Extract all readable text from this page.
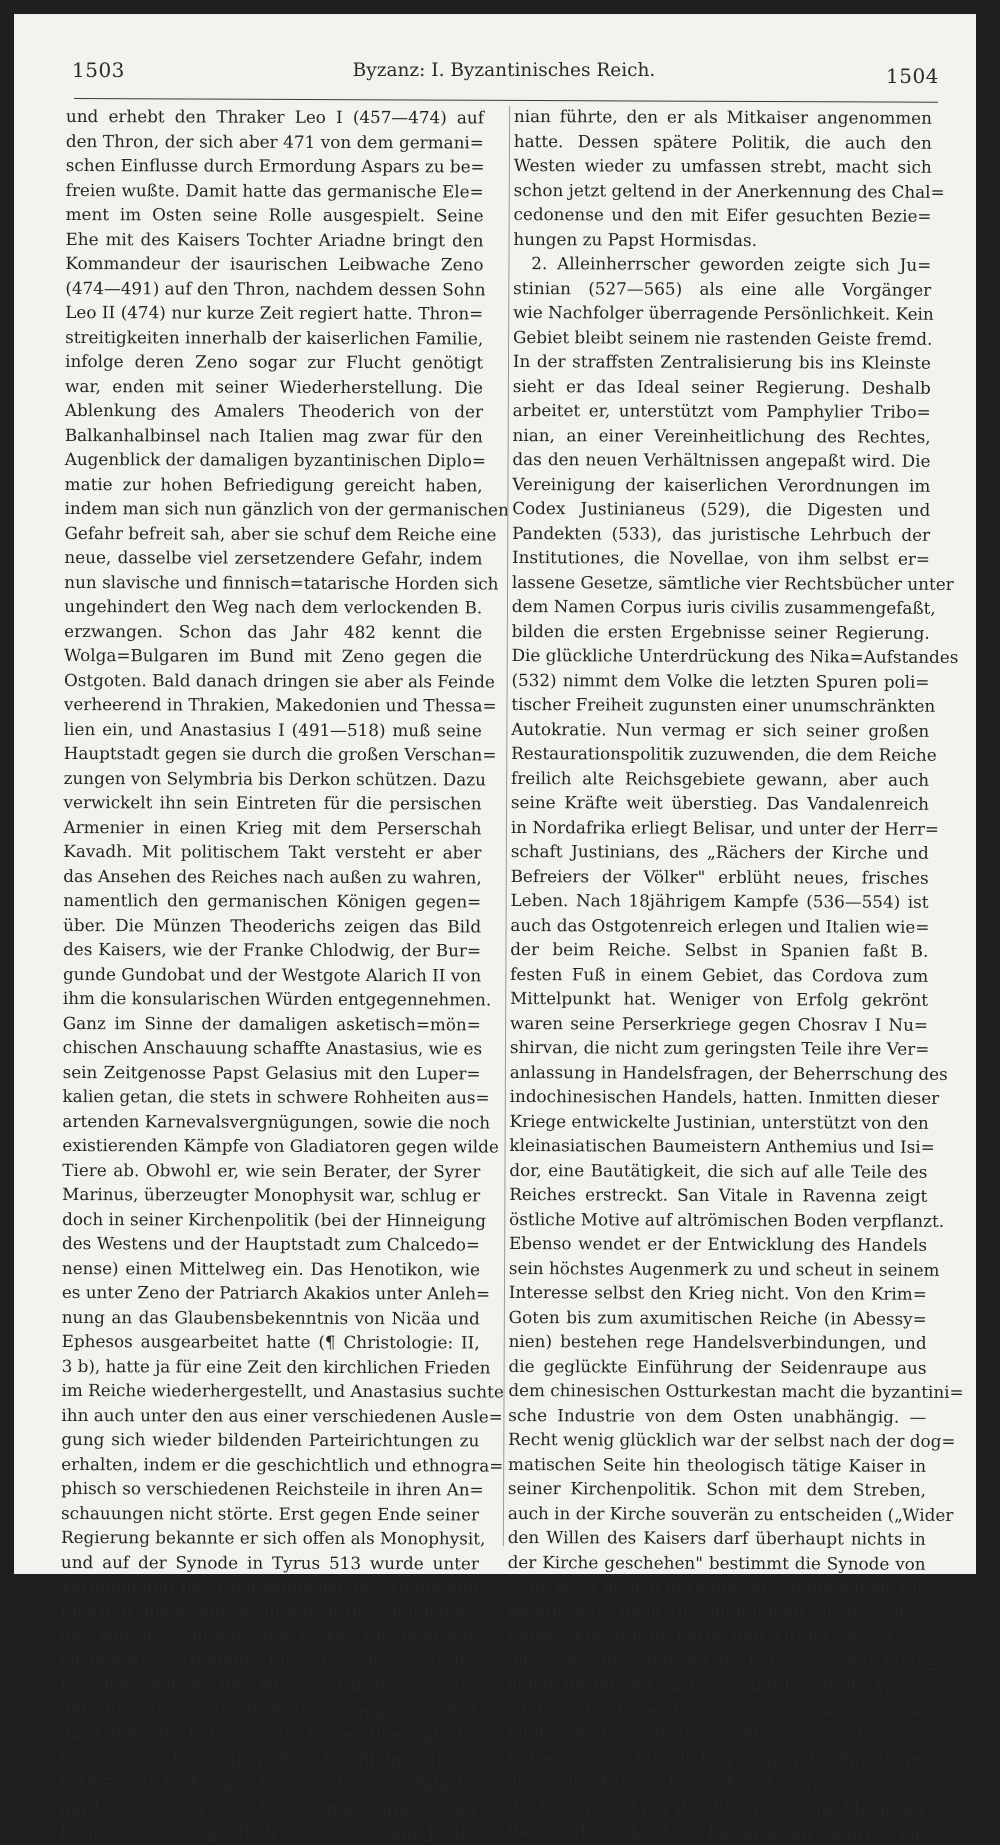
1503	Byzanz: I. Byzantinisches Reich.	1504
und erhebt den Thraker Leo I (457—474) auf
den Thron, der sich aber 471 von dem germani=
schen Einflusse durch Ermordung Aspars zu be=
freien wußte. Damit hatte das germanische Ele=
ment im Osten seine Rolle ausgespielt. Seine
Ehe mit des Kaisers Tochter Ariadne bringt den
Kommandeur der isaurischen Leibwache Zeno
(474—491) auf den Thron, nachdem dessen Sohn
Leo II (474) nur kurze Zeit regiert hatte. Thron=
streitigkeiten innerhalb der kaiserlichen Familie,
infolge deren Zeno sogar zur Flucht genötigt
war, enden mit seiner Wiederherstellung. Die
Ablenkung des Amalers Theoderich von der
Balkanhalbinsel nach Italien mag zwar für den
Augenblick der damaligen byzantinischen Diplo=
matie zur hohen Befriedigung gereicht haben,
indem man sich nun gänzlich von der germanischen
Gefahr befreit sah, aber sie schuf dem Reiche eine
neue, dasselbe viel zersetzendere Gefahr, indem
nun slavische und finnisch=tatarische Horden sich
ungehindert den Weg nach dem verlockenden B.
erzwangen. Schon das Jahr 482 kennt die
Wolga=Bulgaren im Bund mit Zeno gegen die
Ostgoten. Bald danach dringen sie aber als Feinde
verheerend in Thrakien, Makedonien und Thessa=
lien ein, und Anastasius I (491—518) muß seine
Hauptstadt gegen sie durch die großen Verschan=
zungen von Selymbria bis Derkon schützen. Dazu
verwickelt ihn sein Eintreten für die persischen
Armenier in einen Krieg mit dem Perserschah
Kavadh. Mit politischem Takt versteht er aber
das Ansehen des Reiches nach außen zu wahren,
namentlich den germanischen Königen gegen=
über. Die Münzen Theoderichs zeigen das Bild
des Kaisers, wie der Franke Chlodwig, der Bur=
gunde Gundobat und der Westgote Alarich II von
ihm die konsularischen Würden entgegennehmen.
Ganz im Sinne der damaligen asketisch=mön=
chischen Anschauung schaffte Anastasius, wie es
sein Zeitgenosse Papst Gelasius mit den Luper=
kalien getan, die stets in schwere Rohheiten aus=
artenden Karnevalsvergnügungen, sowie die noch
existierenden Kämpfe von Gladiatoren gegen wilde
Tiere ab. Obwohl er, wie sein Berater, der Syrer
Marinus, überzeugter Monophysit war, schlug er
doch in seiner Kirchenpolitik (bei der Hinneigung
des Westens und der Hauptstadt zum Chalcedo=
nense) einen Mittelweg ein. Das Henotikon, wie
es unter Zeno der Patriarch Akakios unter Anleh=
nung an das Glaubensbekenntnis von Nicäa und
Ephesos ausgearbeitet hatte (¶ Christologie: II,
3 b), hatte ja für eine Zeit den kirchlichen Frieden
im Reiche wiederhergestellt, und Anastasius suchte
ihn auch unter den aus einer verschiedenen Ausle=
gung sich wieder bildenden Parteirichtungen zu
erhalten, indem er die geschichtlich und ethnogra=
phisch so verschiedenen Reichsteile in ihren An=
schauungen nicht störte. Erst gegen Ende seiner
Regierung bekannte er sich offen als Monophysit,
und auf der Synode in Tyrus 513 wurde unter
Verdammung des Chalcedonense das Henotikon
feierlich anerkannt, während in der Hauptstadt
die Wut des aufgereizten Volkes die bedrohte
Orthodoxie verteidigte. Einer Versöhnung stell=
ten dann wieder die Mönche Palästinas unter
dem hl. Sabas laute Proteste entgegen, so daß
das Leben des Kaisers unter harten theologischen
Stürmen zu Ende ging. Sein Nachfolger Justin
(518—527), bisheriger Kommandeur der Palast=
garde, war mehr dem Namen nach Inhaber der
Regierung, die eigentlich schon sein Neffe Justi=
nian führte, den er als Mitkaiser angenommen
hatte. Dessen spätere Politik, die auch den
Westen wieder zu umfassen strebt, macht sich
schon jetzt geltend in der Anerkennung des Chal=
cedonense und den mit Eifer gesuchten Bezie=
hungen zu Papst Hormisdas.
2. Alleinherrscher geworden zeigte sich Ju=
stinian (527—565) als eine alle Vorgänger
wie Nachfolger überragende Persönlichkeit. Kein
Gebiet bleibt seinem nie rastenden Geiste fremd.
In der straffsten Zentralisierung bis ins Kleinste
sieht er das Ideal seiner Regierung. Deshalb
arbeitet er, unterstützt vom Pamphylier Tribo=
nian, an einer Vereinheitlichung des Rechtes,
das den neuen Verhältnissen angepaßt wird. Die
Vereinigung der kaiserlichen Verordnungen im
Codex Justinianeus (529), die Digesten und
Pandekten (533), das juristische Lehrbuch der
Institutiones, die Novellae, von ihm selbst er=
lassene Gesetze, sämtliche vier Rechtsbücher unter
dem Namen Corpus iuris civilis zusammengefaßt,
bilden die ersten Ergebnisse seiner Regierung.
Die glückliche Unterdrückung des Nika=Aufstandes
(532) nimmt dem Volke die letzten Spuren poli=
tischer Freiheit zugunsten einer unumschränkten
Autokratie. Nun vermag er sich seiner großen
Restaurationspolitik zuzuwenden, die dem Reiche
freilich alte Reichsgebiete gewann, aber auch
seine Kräfte weit überstieg. Das Vandalenreich
in Nordafrika erliegt Belisar, und unter der Herr=
schaft Justinians, des „Rächers der Kirche und
Befreiers der Völker" erblüht neues, frisches
Leben. Nach 18jährigem Kampfe (536—554) ist
auch das Ostgotenreich erlegen und Italien wie=
der beim Reiche. Selbst in Spanien faßt B.
festen Fuß in einem Gebiet, das Cordova zum
Mittelpunkt hat. Weniger von Erfolg gekrönt
waren seine Perserkriege gegen Chosrav I Nu=
shirvan, die nicht zum geringsten Teile ihre Ver=
anlassung in Handelsfragen, der Beherrschung des
indochinesischen Handels, hatten. Inmitten dieser
Kriege entwickelte Justinian, unterstützt von den
kleinasiatischen Baumeistern Anthemius und Isi=
dor, eine Bautätigkeit, die sich auf alle Teile des
Reiches erstreckt. San Vitale in Ravenna zeigt
östliche Motive auf altrömischen Boden verpflanzt.
Ebenso wendet er der Entwicklung des Handels
sein höchstes Augenmerk zu und scheut in seinem
Interesse selbst den Krieg nicht. Von den Krim=
Goten bis zum axumitischen Reiche (in Abessy=
nien) bestehen rege Handelsverbindungen, und
die geglückte Einführung der Seidenraupe aus
dem chinesischen Ostturkestan macht die byzantini=
sche Industrie von dem Osten unabhängig. —
Recht wenig glücklich war der selbst nach der dog=
matischen Seite hin theologisch tätige Kaiser in
seiner Kirchenpolitik. Schon mit dem Streben,
auch in der Kirche souverän zu entscheiden („Wider
den Willen des Kaisers darf überhaupt nichts in
der Kirche geschehen" bestimmt die Synode von
536), setzt er sich in Gegensatz zu derselben, die
gerade jetzt nach Unabhängigkeit sucht. Schon
Kaiser Konstantin hatte den Grund gelegt zu
dieser Machtentfaltung des Kaisers auch in kirch=
licher Beziehung. Justinian und Leo II der Weise
sind es, die diesen Cäsaropapismus weiter aus=
bilden. Seitdem beansprucht der byzantinische
Kaiser auch in kirchlichen Dingen die Entschei=
dung, der Patriarch von Konstantinopel ist sein
Werkzeug, und nur der Klerus ist eine Macht im
Reiche, die sich oft der kaiserlichen Autorität ent=
